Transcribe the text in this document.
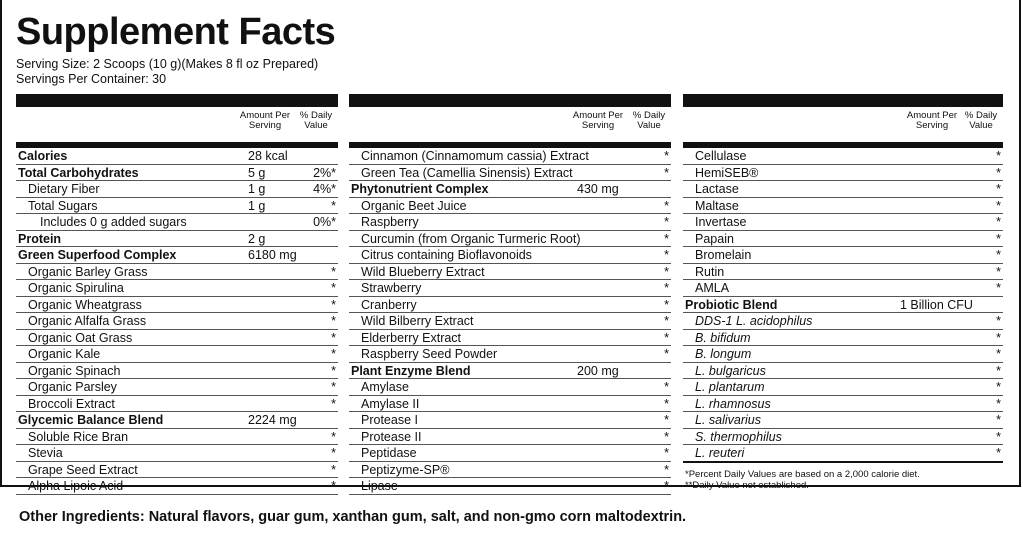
Supplement Facts
Serving Size: 2 Scoops (10 g)(Makes 8 fl oz Prepared)
Servings Per Container: 30
Amount Per Serving
% Daily Value
Calories	28 kcal
Total Carbohydrates	5 g	2%*
Dietary Fiber	1 g	4%*
Total Sugars	1 g	*
Includes 0 g added sugars	0%*
Protein	2 g
Green Superfood Complex	6180 mg
Organic Barley Grass	*
Organic Spirulina	*
Organic Wheatgrass	*
Organic Alfalfa Grass	*
Organic Oat Grass	*
Organic Kale	*
Organic Spinach	*
Organic Parsley	*
Broccoli Extract	*
Glycemic Balance Blend	2224 mg
Soluble Rice Bran	*
Stevia	*
Grape Seed Extract	*
Alpha Lipoic Acid	*
Amount Per Serving
% Daily Value
Cinnamon (Cinnamomum cassia) Extract	*
Green Tea (Camellia Sinensis) Extract	*
Phytonutrient Complex	430 mg
Organic Beet Juice	*
Raspberry	*
Curcumin (from Organic Turmeric Root)	*
Citrus containing Bioflavonoids	*
Wild Blueberry Extract	*
Strawberry	*
Cranberry	*
Wild Bilberry Extract	*
Elderberry Extract	*
Raspberry Seed Powder	*
Plant Enzyme Blend	200 mg
Amylase	*
Amylase II	*
Protease I	*
Protease II	*
Peptidase	*
Peptizyme-SP®	*
Lipase	*
Amount Per Serving
% Daily Value
Cellulase	*
HemiSEB®	*
Lactase	*
Maltase	*
Invertase	*
Papain	*
Bromelain	*
Rutin	*
AMLA	*
Probiotic Blend	1 Billion CFU
DDS-1 L. acidophilus	*
B. bifidum	*
B. longum	*
L. bulgaricus	*
L. plantarum	*
L. rhamnosus	*
L. salivarius	*
S. thermophilus	*
L. reuteri	*
*Percent Daily Values are based on a 2,000 calorie diet.
**Daily Value not established.
Other Ingredients: Natural flavors, guar gum, xanthan gum, salt, and non-gmo corn maltodextrin.
